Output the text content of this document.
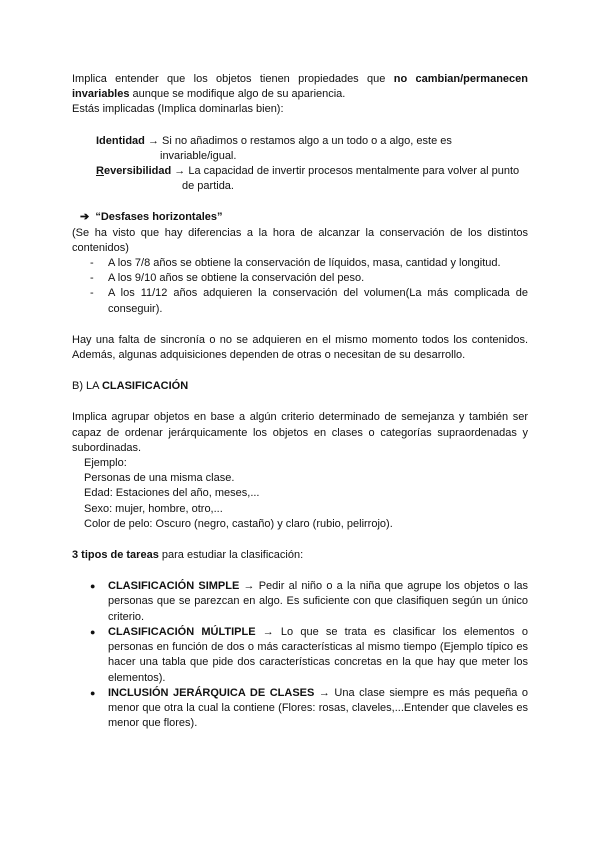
Implica entender que los objetos tienen propiedades que no cambian/permanecen invariables aunque se modifique algo de su apariencia.

Estás implicadas (Implica dominarlas bien):

Identidad → Si no añadimos o restamos algo a un todo o a algo, este es
invariable/igual.
Reversibilidad → La capacidad de invertir procesos mentalmente para volver al punto
de partida.

➔ “Desfases horizontales”

(Se ha visto que hay diferencias a la hora de alcanzar la conservación de los distintos contenidos)

- A los 7/8 años se obtiene la conservación de líquidos, masa, cantidad y longitud.
- A los 9/10 años se obtiene la conservación del peso.
- A los 11/12 años adquieren la conservación del volumen(La más complicada de conseguir).

Hay una falta de sincronía o no se adquieren en el mismo momento todos los contenidos. Además, algunas adquisiciones dependen de otras o necesitan de su desarrollo.

B) LA CLASIFICACIÓN

Implica agrupar objetos en base a algún criterio determinado de semejanza y también ser capaz de ordenar jerárquicamente los objetos en clases o categorías supraordenadas y subordinadas.

Ejemplo:

Personas de una misma clase.

Edad: Estaciones del año, meses,...

Sexo: mujer, hombre, otro,...

Color de pelo: Oscuro (negro, castaño) y claro (rubio, pelirrojo).

3 tipos de tareas para estudiar la clasificación:

● CLASIFICACIÓN SIMPLE → Pedir al niño o a la niña que agrupe los objetos o las personas que se parezcan en algo. Es suficiente con que clasifiquen según un único criterio.
● CLASIFICACIÓN MÚLTIPLE → Lo que se trata es clasificar los elementos o personas en función de dos o más características al mismo tiempo (Ejemplo típico es hacer una tabla que pide dos características concretas en la que hay que meter los elementos).
● INCLUSIÓN JERÁRQUICA DE CLASES → Una clase siempre es más pequeña o menor que otra la cual la contiene (Flores: rosas, claveles,...Entender que claveles es menor que flores).
